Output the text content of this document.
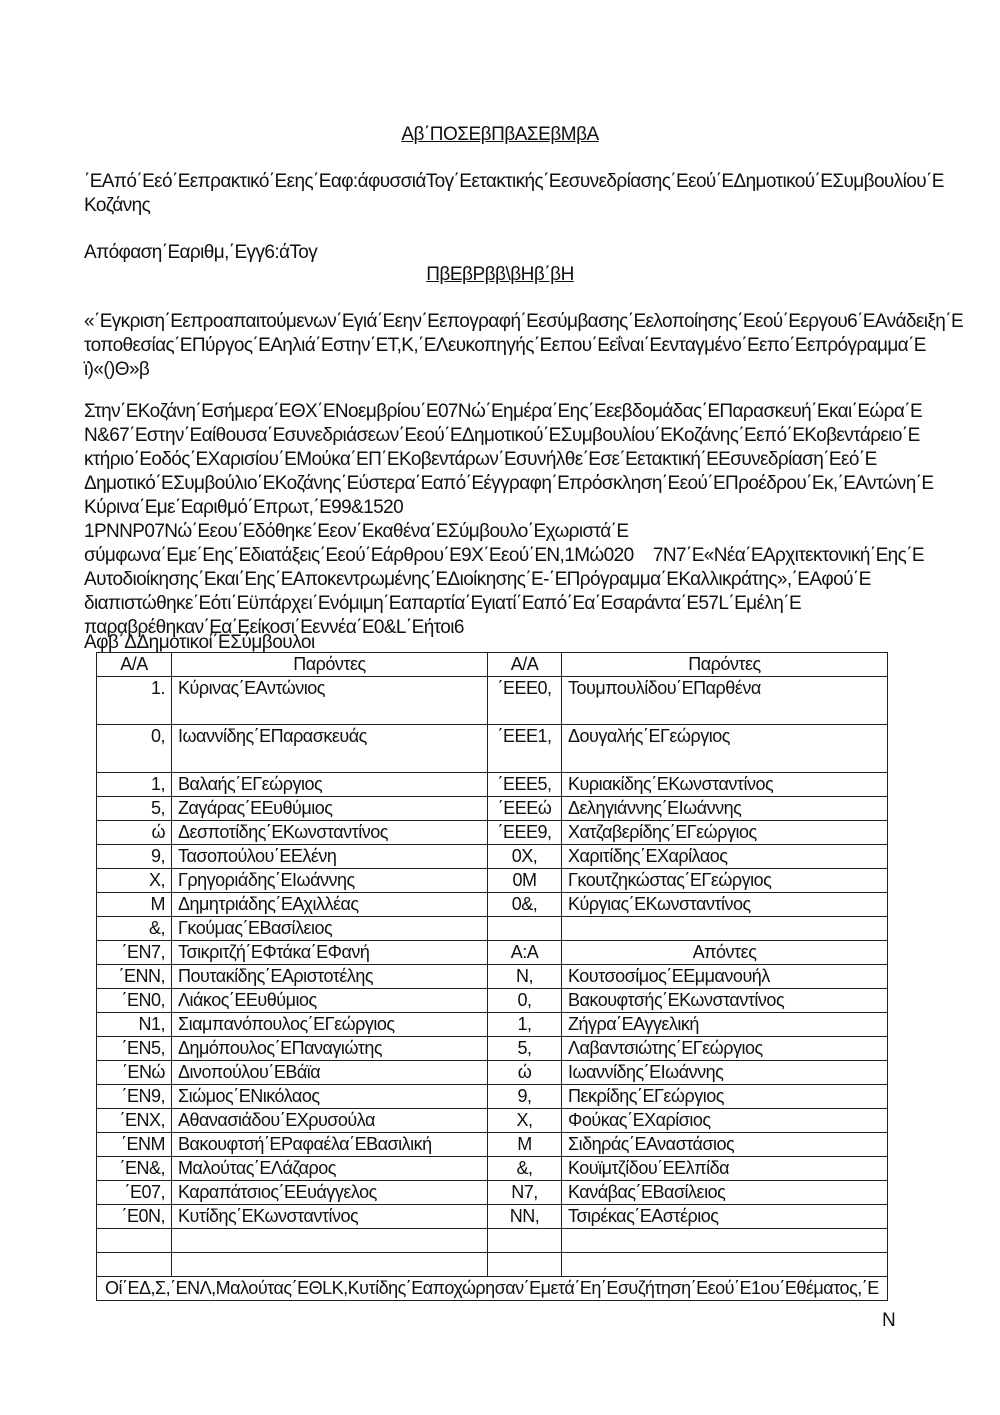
Αβ΄ΠΟΣΕβΠβΑΣΕβΜβΑ
΄ΕΑπό΄Εεό΄Εεπρακτικό΄Εεης΄Εαφ:άφυσσιάΤογ΄Εετακτικής΄Εεσυνεδρίασης΄Εεού΄ΕΔημοτικού΄ΕΣυμβουλίου΄Ε Κοζάνης
Απόφαση΄Εαριθμ,΄Εγγ6:άΤογ
ΠβΕβΡββ\βΗβ΄βΗ
«΄Εγκριση΄Εεπροαπαιτούμενων΄Εγιά΄Εεην΄Εεπογραφή΄Εεσύμβασης΄Εελοποίησης΄Εεού΄Εεργου6΄ΕΑνάδειξη΄Ε τοποθεσίας΄ΕΠύργος΄ΕΑηλιά΄Εστην΄ΕΤ,Κ,΄ΕΛευκοπηγής΄Εεπου΄Εεΐναι΄Εενταγμένο΄Εεπο΄Εεπρόγραμμα΄Ε ϊ)«()Θ»β
Στην΄ΕΚοζάνη΄Εσήμερα΄ΕΘΧ΄ΕΝοεμβρίου΄Ε07Νώ΄Εημέρα΄Εης΄Εεεβδομάδας΄ΕΠαρασκευή΄Εκαι΄Εώρα΄Ε Ν&67΄Εστην΄Εαίθουσα΄Εσυνεδριάσεων΄Εεού΄ΕΔημοτικού΄ΕΣυμβουλίου΄ΕΚοζάνης΄Εεπό΄ΕΚοβεντάρειο΄Ε κτήριο΄Εοδός΄ΕΧαρισίου΄ΕΜούκα΄ΕΠ΄ΕΚοβεντάρων΄Εσυνήλθε΄Εσε΄Εετακτική΄ΕΕσυνεδρίαση΄Εεό΄Ε Δημοτικό΄ΕΣυμβούλιο΄ΕΚοζάνης΄Εύστερα΄Εαπό΄Εέγγραφη΄Επρόσκληση΄Εεού΄ΕΠροέδρου΄Εκ,΄ΕΑντώνη΄Ε Κύρινα΄Εμε΄Εαριθμό΄Επρωτ,΄Ε99&1520 1ΡΝΝΡ07Νώ΄Εεου΄Εδόθηκε΄Εεον΄Εκαθένα΄ΕΣύμβουλο΄Εχωριστά΄Ε σύμφωνα΄Εμε΄Εης΄Εδιατάξεις΄Εεού΄Εάρθρου΄Ε9Χ΄Εεού΄ΕΝ,1Μώ020 7Ν7΄Ε«Νέα΄ΕΑρχιτεκτονική΄Εης΄Ε Αυτοδιοίκησης΄Εκαι΄Εης΄ΕΑποκεντρωμένης΄ΕΔιοίκησης΄Ε-΄ΕΠρόγραμμα΄ΕΚαλλικράτης»,΄ΕΑφού΄Ε διαπιστώθηκε΄Εότι΄Εϋπάρχει΄Ενόμιμη΄Εαπαρτία΄Εγιατί΄Εαπό΄Εα΄Εσαράντα΄Ε57L΄Εμέλη΄Ε παραβρέθηκαν΄Εα΄Εείκοσι΄Εεννέα΄Ε0&L΄Εήτοι6
Αφβ΄ΔΔημοτικοί΄ΕΣύμβουλοι
Α/Α	Παρόντες	Α/Α	Παρόντες
1.	Κύρινας΄ΕΑντώνιος	΄ΕΕΕ0,	Τουμπουλίδου΄ΕΠαρθένα
0,	Ιωαννίδης΄ΕΠαρασκευάς	΄ΕΕΕ1,	Δουγαλής΄ΕΓεώργιος
1,	Βαλαής΄ΕΓεώργιος	΄ΕΕΕ5,	Κυριακίδης΄ΕΚωνσταντίνος
5,	Ζαγάρας΄ΕΕυθύμιος	΄ΕΕΕώ	Δεληγιάννης΄ΕΙωάννης
ώ	Δεσποτίδης΄ΕΚωνσταντίνος	΄ΕΕΕ9,	Χατζαβερίδης΄ΕΓεώργιος
9,	Τασοπούλου΄ΕΕλένη	0Χ,	Χαριτίδης΄ΕΧαρίλαος
Χ,	Γρηγοριάδης΄ΕΙωάννης	0Μ	Γκουτζηκώστας΄ΕΓεώργιος
Μ	Δημητριάδης΄ΕΑχιλλέας	0&,	Κύργιας΄ΕΚωνσταντίνος
&,	Γκούμας΄ΕΒασίλειος		
΄ΕΝ7,	Τσικριτζή΄ΕΦτάκα΄ΕΦανή	Α:Α	Απόντες
΄ΕΝΝ,	Πουτακίδης΄ΕΑριστοτέλης	Ν,	Κουτσοσίμος΄ΕΕμμανουήλ
΄ΕΝ0,	Λιάκος΄ΕΕυθύμιος	0,	Βακουφτσής΄ΕΚωνσταντίνος
Ν1,	Σιαμπανόπουλος΄ΕΓεώργιος	1,	Ζήγρα΄ΕΑγγελική
΄ΕΝ5,	Δημόπουλος΄ΕΠαναγιώτης	5,	Λαβαντσιώτης΄ΕΓεώργιος
΄ΕΝώ	Δινοπούλου΄ΕΒάϊα	ώ	Ιωαννίδης΄ΕΙωάννης
΄ΕΝ9,	Σιώμος΄ΕΝικόλαος	9,	Πεκρίδης΄ΕΓεώργιος
΄ΕΝΧ,	Αθανασιάδου΄ΕΧρυσούλα	Χ,	Φούκας΄ΕΧαρίσιος
΄ΕΝΜ	Βακουφτσή΄ΕΡαφαέλα΄ΕΒασιλική	Μ	Σιδηράς΄ΕΑναστάσιος
΄ΕΝ&,	Μαλούτας΄ΕΛάζαρος	&,	Κουϊμτζίδου΄ΕΕλπίδα
΄Ε07,	Καραπάτσιος΄ΕΕυάγγελος	Ν7,	Κανάβας΄ΕΒασίλειος
΄Ε0Ν,	Κυτίδης΄ΕΚωνσταντίνος	ΝΝ,	Τσιρέκας΄ΕΑστέριος

Οί΄ΕΔ,Σ,΄ΕΝΛ,Μαλούτας΄ΕΘLΚ,Κυτίδης΄Εαποχώρησαν΄Εμετά΄Εη΄Εσυζήτηση΄Εεού΄Ε1ου΄Εθέματος,΄Ε			
Ν
